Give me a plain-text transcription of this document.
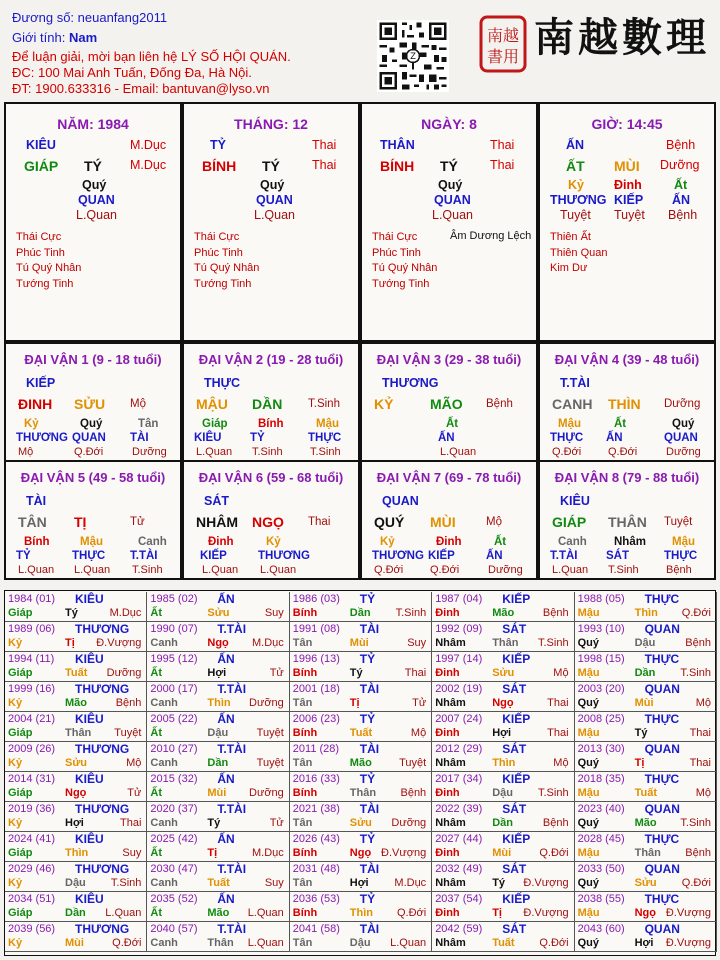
Đương số: neuanfang2011
Giới tính: Nam
Để luận giải, mời bạn liên hệ LÝ SỐ HỘI QUÁN.
ĐC: 100 Mai Anh Tuấn, Đống Đa, Hà Nội.
ĐT: 1900.633316 - Email: bantuvan@lyso.vn
Z
南越
書用 南越數理
NĂM: 1984
KIÊU	M.Dục
GIÁP TÝ M.Dục
Quý
QUAN
L.Quan
Thái Cực
Phúc Tinh
Tú Quý Nhân
Tướng Tinh
THÁNG: 12
TỶ	Thai
BÍNH TÝ	Thai
Quý
QUAN
L.Quan
Thái Cực
Phúc Tinh
Tú Quý Nhân
Tướng Tinh
NGÀY: 8
THÂN	Thai
BÍNH TÝ	Thai
Quý
QUAN
L.Quan
Thái Cực
Phúc Tinh
Tú Quý Nhân
Tướng Tinh
Âm Dương Lệch
GIỜ: 14:45
ẤN	Bệnh
ẤT MÙI Dưỡng
Kỷ
THƯƠNG
Tuyệt
Đinh
KIẾP
Tuyệt
Ất
ẤN
Bệnh
Thiên Ất
Thiên Quan
Kim Dư
ĐẠI VẬN 1 (9 - 18 tuổi)
KIẾP
ĐINH SỬU Mộ
Kỷ
THƯƠNG
Mộ
Quý
QUAN
Q.Đới
Tân
TÀI
Dưỡng
ĐẠI VẬN 2 (19 - 28 tuổi)
THỰC
MẬU DẦN T.Sinh
Giáp
KIÊU
L.Quan
Bính
TỶ
T.Sinh
Mậu
THỰC
T.Sinh
ĐẠI VẬN 3 (29 - 38 tuổi)
THƯƠNG
KỶ	MÃO Bệnh
Ất
ẤN
L.Quan
ĐẠI VẬN 4 (39 - 48 tuổi)
T.TÀI
CANH THÌN Dưỡng
Mậu
THỰC
Q.Đới
Ất
ẤN
Q.Đới
Quý
QUAN
Dưỡng
ĐẠI VẬN 5 (49 - 58 tuổi)
TÀI
TÂN TỊ	Tử
Bính
TỶ
L.Quan
Mậu
THỰC
L.Quan
Canh
T.TÀI
T.Sinh
ĐẠI VẬN 6 (59 - 68 tuổi)
SÁT
NHÂM NGỌ Thai
Đinh
KIẾP
L.Quan
Kỷ
THƯƠNG
L.Quan
ĐẠI VẬN 7 (69 - 78 tuổi)
QUAN
QUÝ MÙI	Mộ
Kỷ
THƯƠNG
Q.Đới
Đinh
KIẾP
Q.Đới
Ất
ẤN
Dưỡng
ĐẠI VẬN 8 (79 - 88 tuổi)
KIÊU
GIÁP THÂN Tuyệt
Canh
T.TÀI
L.Quan
Nhâm
SÁT
T.Sinh
Mậu
THỰC
Bệnh
1984 (01) KIÊU
Giáp	Tý	M.Dục
1985 (02) ẤN
Ất	Sửu	Suy
1986 (03) TỶ
Bính	Dần T.Sinh
1987 (04) KIẾP
Đinh	Mão	Bệnh
1988 (05) THỰC
Mậu	Thìn Q.Đới
1989 (06) THƯƠNG
Kỷ	Tị Đ.Vượng
1990 (07) T.TÀI
Canh	Ngọ M.Dục
1991 (08) TÀI
Tân	Mùi	Suy
1992 (09) SÁT
Nhâm Thân T.Sinh
1993 (10) QUAN
Quý	Dậu	Bệnh
1994 (11) KIÊU
Giáp	Tuất Dưỡng
1995 (12) ẤN
Ất	Hợi	Tử
1996 (13) TỶ
Bính	Tý	Thai
1997 (14) KIẾP
Đinh	Sửu	Mộ
1998 (15) THỰC
Mậu	Dần T.Sinh
1999 (16) THƯƠNG
Kỷ	Mão	Bệnh
2000 (17) T.TÀI
Canh	Thìn Dưỡng
2001 (18) TÀI
Tân	Tị	Tử
2002 (19) SÁT
Nhâm Ngọ	Thai
2003 (20) QUAN
Quý	Mùi	Mộ
2004 (21) KIÊU
Giáp	Thân Tuyệt
2005 (22) ẤN
Ất	Dậu	Tuyệt
2006 (23) TỶ
Bính	Tuất	Mộ
2007 (24) KIẾP
Đinh	Hợi	Thai
2008 (25) THỰC
Mậu	Tý	Thai
2009 (26) THƯƠNG
Kỷ	Sửu	Mộ
2010 (27) T.TÀI
Canh	Dần	Tuyệt
2011 (28) TÀI
Tân	Mão Tuyệt
2012 (29) SÁT
Nhâm Thìn	Mộ
2013 (30) QUAN
Quý	Tị	Thai
2014 (31) KIÊU
Giáp	Ngọ	Tử
2015 (32) ẤN
Ất	Mùi Dưỡng
2016 (33) TỶ
Bính	Thân Bệnh
2017 (34) KIẾP
Đinh	Dậu T.Sinh
2018 (35) THỰC
Mậu	Tuất	Mộ
2019 (36) THƯƠNG
Kỷ	Hợi	Thai
2020 (37) T.TÀI
Canh	Tý	Tử
2021 (38) TÀI
Tân	Sửu Dưỡng
2022 (39) SÁT
Nhâm Dần	Bệnh
2023 (40) QUAN
Quý	Mão T.Sinh
2024 (41) KIÊU
Giáp	Thìn	Suy
2025 (42) ẤN
Ất	Tị	M.Dục
2026 (43) TỶ
Bính	Ngọ Đ.Vượng
2027 (44) KIẾP
Đinh	Mùi	Q.Đới
2028 (45) THỰC
Mậu	Thân Bệnh
2029 (46) THƯƠNG
Kỷ	Dậu T.Sinh
2030 (47) T.TÀI
Canh	Tuất	Suy
2031 (48) TÀI
Tân	Hợi M.Dục
2032 (49) SÁT
Nhâm Tý Đ.Vượng
2033 (50) QUAN
Quý	Sửu Q.Đới
2034 (51) KIÊU
Giáp	Dần L.Quan
2035 (52) ẤN
Ất	Mão L.Quan
2036 (53) TỶ
Bính	Thìn Q.Đới
2037 (54) KIẾP
Đinh	Tị Đ.Vượng
2038 (55) THỰC
Mậu	Ngọ Đ.Vượng
2039 (56) THƯƠNG
Kỷ	Mùi	Q.Đới
2040 (57) T.TÀI
Canh	Thân L.Quan
2041 (58) TÀI
Tân	Dậu L.Quan
2042 (59) SÁT
Nhâm Tuất Q.Đới
2043 (60) QUAN
Quý	Hợi Đ.Vượng
